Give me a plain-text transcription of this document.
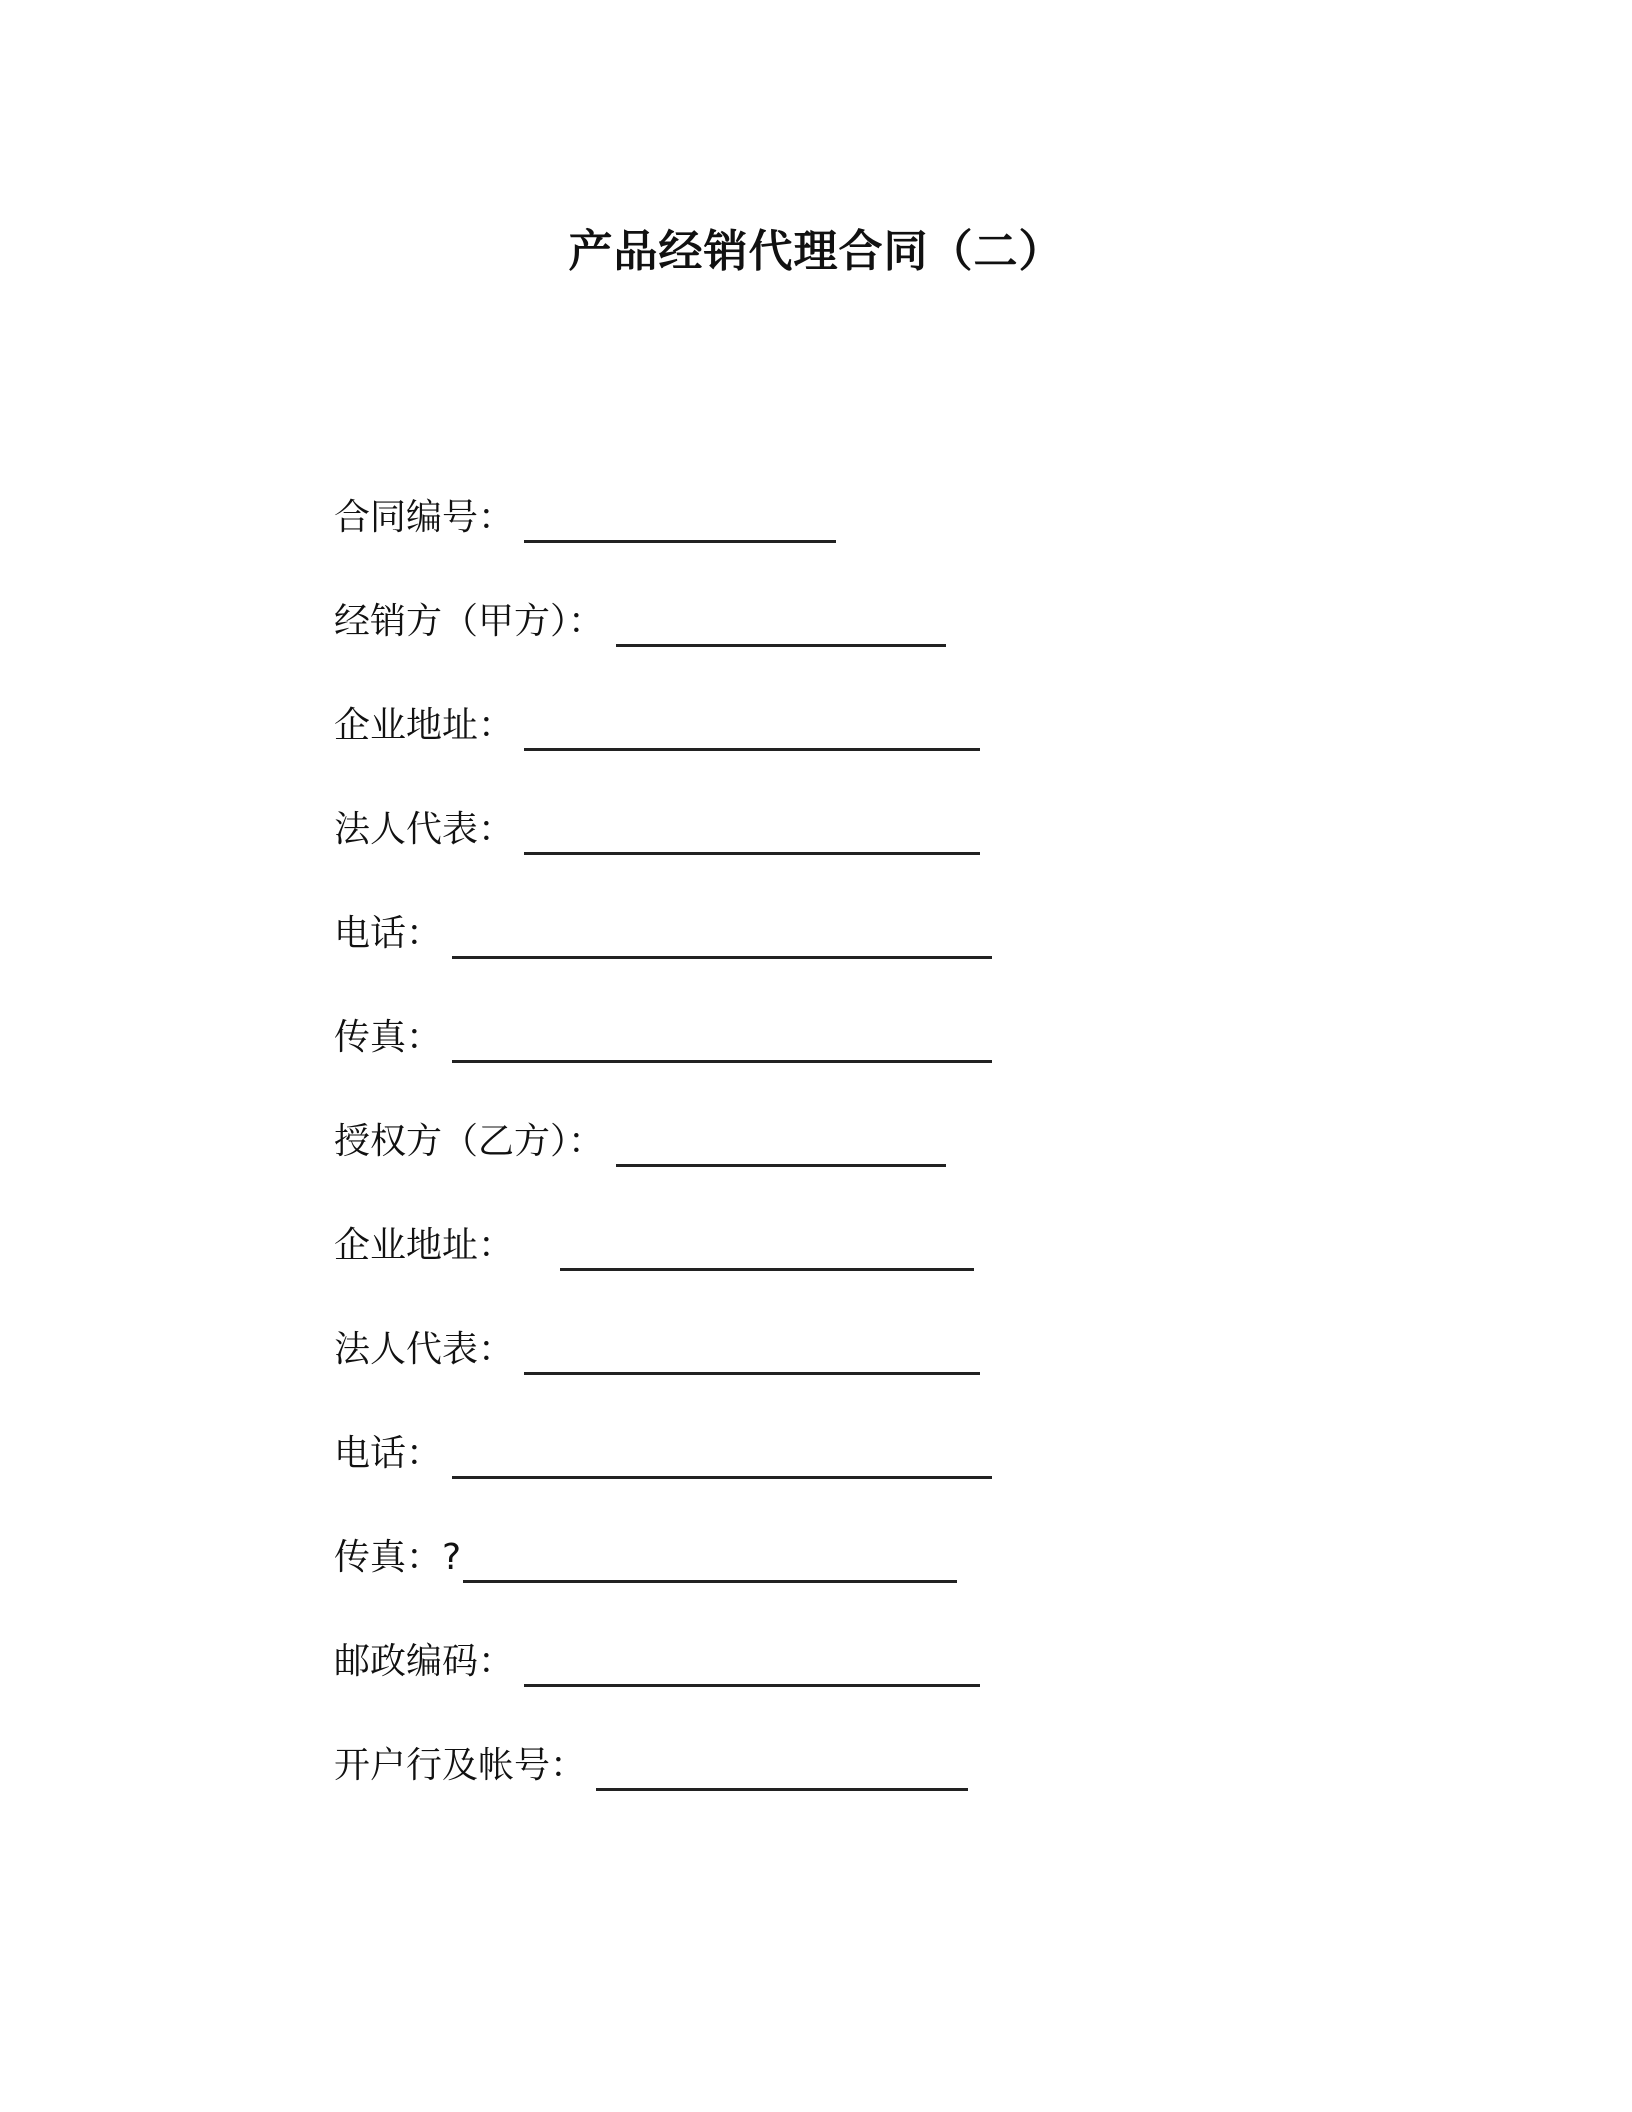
产品经销代理合同（二）
合同编号：
经销方（甲方）：
企业地址：
法人代表：
电话：
传真：
授权方（乙方）：
企业地址：
法人代表：
电话：
传真：?
邮政编码：
开户行及帐号：
